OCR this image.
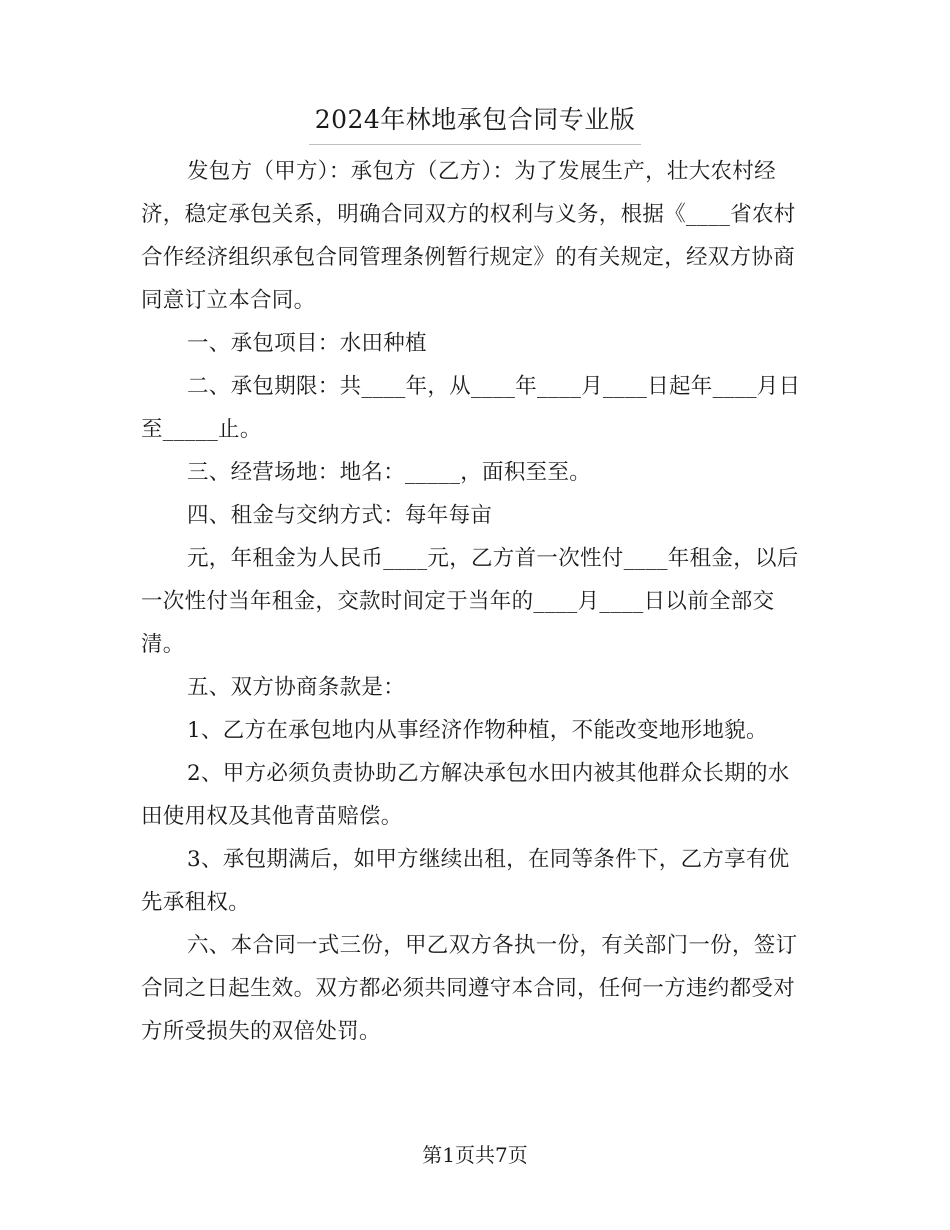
2024年林地承包合同专业版

发包方（甲方）：承包方（乙方）：为了发展生产，壮大农村经济，稳定承包关系，明确合同双方的权利与义务，根据《____省农村合作经济组织承包合同管理条例暂行规定》的有关规定，经双方协商同意订立本合同。

一、承包项目：水田种植

二、承包期限：共____年，从____年____月____日起年____月日至_____止。

三、经营场地：地名：_____，面积至至。

四、租金与交纳方式：每年每亩

元，年租金为人民币____元，乙方首一次性付____年租金，以后一次性付当年租金，交款时间定于当年的____月____日以前全部交清。

五、双方协商条款是：

1、乙方在承包地内从事经济作物种植，不能改变地形地貌。

2、甲方必须负责协助乙方解决承包水田内被其他群众长期的水田使用权及其他青苗赔偿。

3、承包期满后，如甲方继续出租，在同等条件下，乙方享有优先承租权。

六、本合同一式三份，甲乙双方各执一份，有关部门一份，签订合同之日起生效。双方都必须共同遵守本合同，任何一方违约都受对方所受损失的双倍处罚。

第1页共7页
